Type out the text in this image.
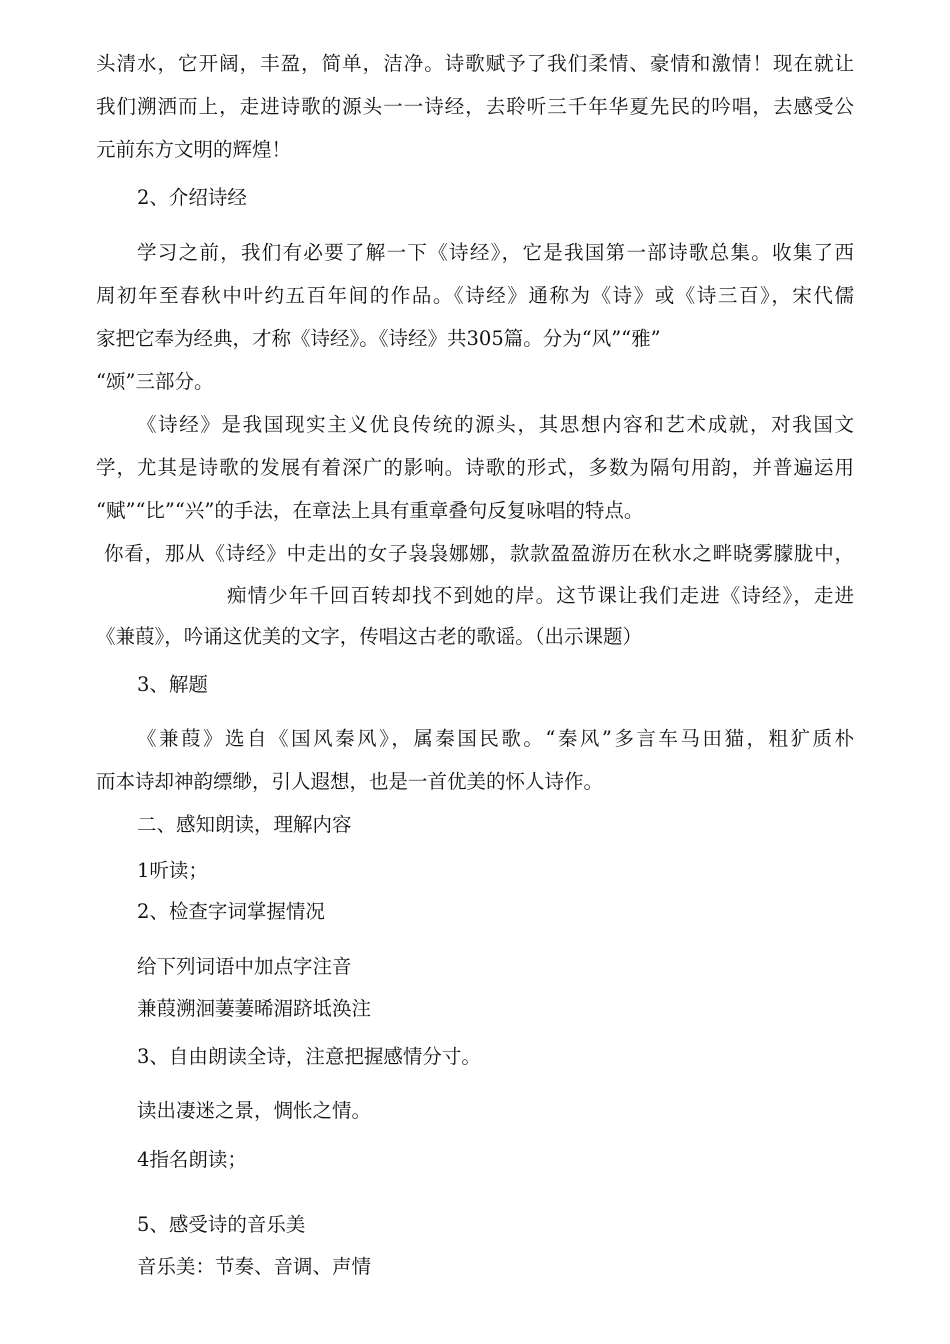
头清水，它开阔，丰盈，简单，洁净。诗歌赋予了我们柔情、豪情和激情！现在就让

我们溯洒而上，走进诗歌的源头一一诗经，去聆听三千年华夏先民的吟唱，去感受公

元前东方文明的辉煌！

2、介绍诗经

学习之前，我们有必要了解一下《诗经》，它是我国第一部诗歌总集。收集了西

周初年至春秋中叶约五百年间的作品。《诗经》通称为《诗》或《诗三百》，宋代儒

家把它奉为经典，才称《诗经》。《诗经》共305篇。分为“风”“雅”

“颂”三部分。

《诗经》是我国现实主义优良传统的源头，其思想内容和艺术成就，对我国文

学，尤其是诗歌的发展有着深广的影响。诗歌的形式，多数为隔句用韵，并普遍运用

“赋”“比”“兴”的手法，在章法上具有重章叠句反复咏唱的特点。

你看，那从《诗经》中走出的女子袅袅娜娜，款款盈盈游历在秋水之畔晓雾朦胧中，

痴情少年千回百转却找不到她的岸。这节课让我们走进《诗经》，走进

《兼葭》，吟诵这优美的文字，传唱这古老的歌谣。（出示课题）

3、解题

《兼葭》选自《国风秦风》，属秦国民歌。“秦风”多言车马田猫，粗犷质朴

而本诗却神韵缥缈，引人遐想，也是一首优美的怀人诗作。

二、感知朗读，理解内容

1听读；

2、检查字词掌握情况

给下列词语中加点字注音

兼葭溯洄萋萋晞湄跻坻涣注

3、自由朗读全诗，注意把握感情分寸。

读出凄迷之景，惆怅之情。

4指名朗读；

5、感受诗的音乐美

音乐美：节奏、音调、声情
